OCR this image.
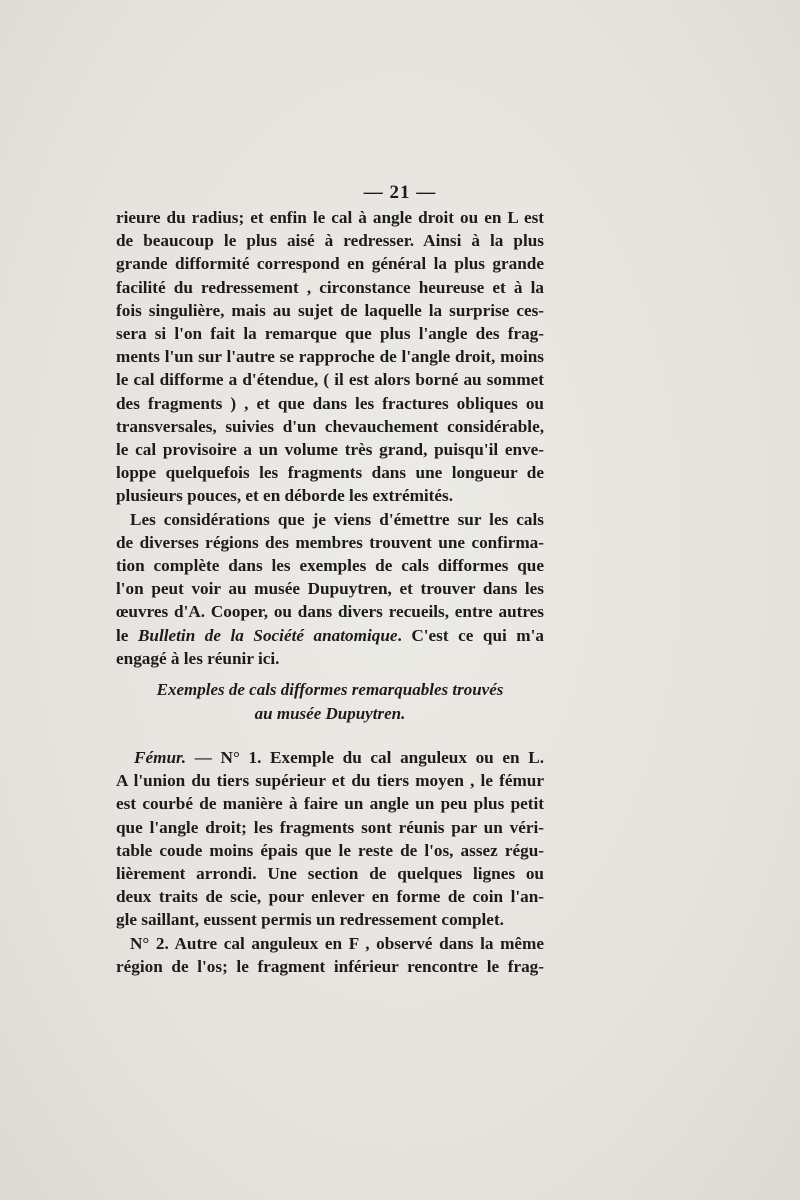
— 21 —
rieure du radius; et enfin le cal à angle droit ou en L est
de beaucoup le plus aisé à redresser. Ainsi à la plus
grande difformité correspond en général la plus grande
facilité du redressement , circonstance heureuse et à la
fois singulière, mais au sujet de laquelle la surprise ces-
sera si l'on fait la remarque que plus l'angle des frag-
ments l'un sur l'autre se rapproche de l'angle droit, moins
le cal difforme a d'étendue, ( il est alors borné au sommet
des fragments ) , et que dans les fractures obliques ou
transversales, suivies d'un chevauchement considérable,
le cal provisoire a un volume très grand, puisqu'il enve-
loppe quelquefois les fragments dans une longueur de
plusieurs pouces, et en déborde les extrémités.
Les considérations que je viens d'émettre sur les cals
de diverses régions des membres trouvent une confirma-
tion complète dans les exemples de cals difformes que
l'on peut voir au musée Dupuytren, et trouver dans les
œuvres d'A. Cooper, ou dans divers recueils, entre autres
le Bulletin de la Société anatomique. C'est ce qui m'a
engagé à les réunir ici.
Exemples de cals difformes remarquables trouvés
au musée Dupuytren.
Fémur. — N° 1. Exemple du cal anguleux ou en L.
A l'union du tiers supérieur et du tiers moyen , le fémur
est courbé de manière à faire un angle un peu plus petit
que l'angle droit; les fragments sont réunis par un véri-
table coude moins épais que le reste de l'os, assez régu-
lièrement arrondi. Une section de quelques lignes ou
deux traits de scie, pour enlever en forme de coin l'an-
gle saillant, eussent permis un redressement complet.
N° 2. Autre cal anguleux en F , observé dans la même
région de l'os; le fragment inférieur rencontre le frag-
